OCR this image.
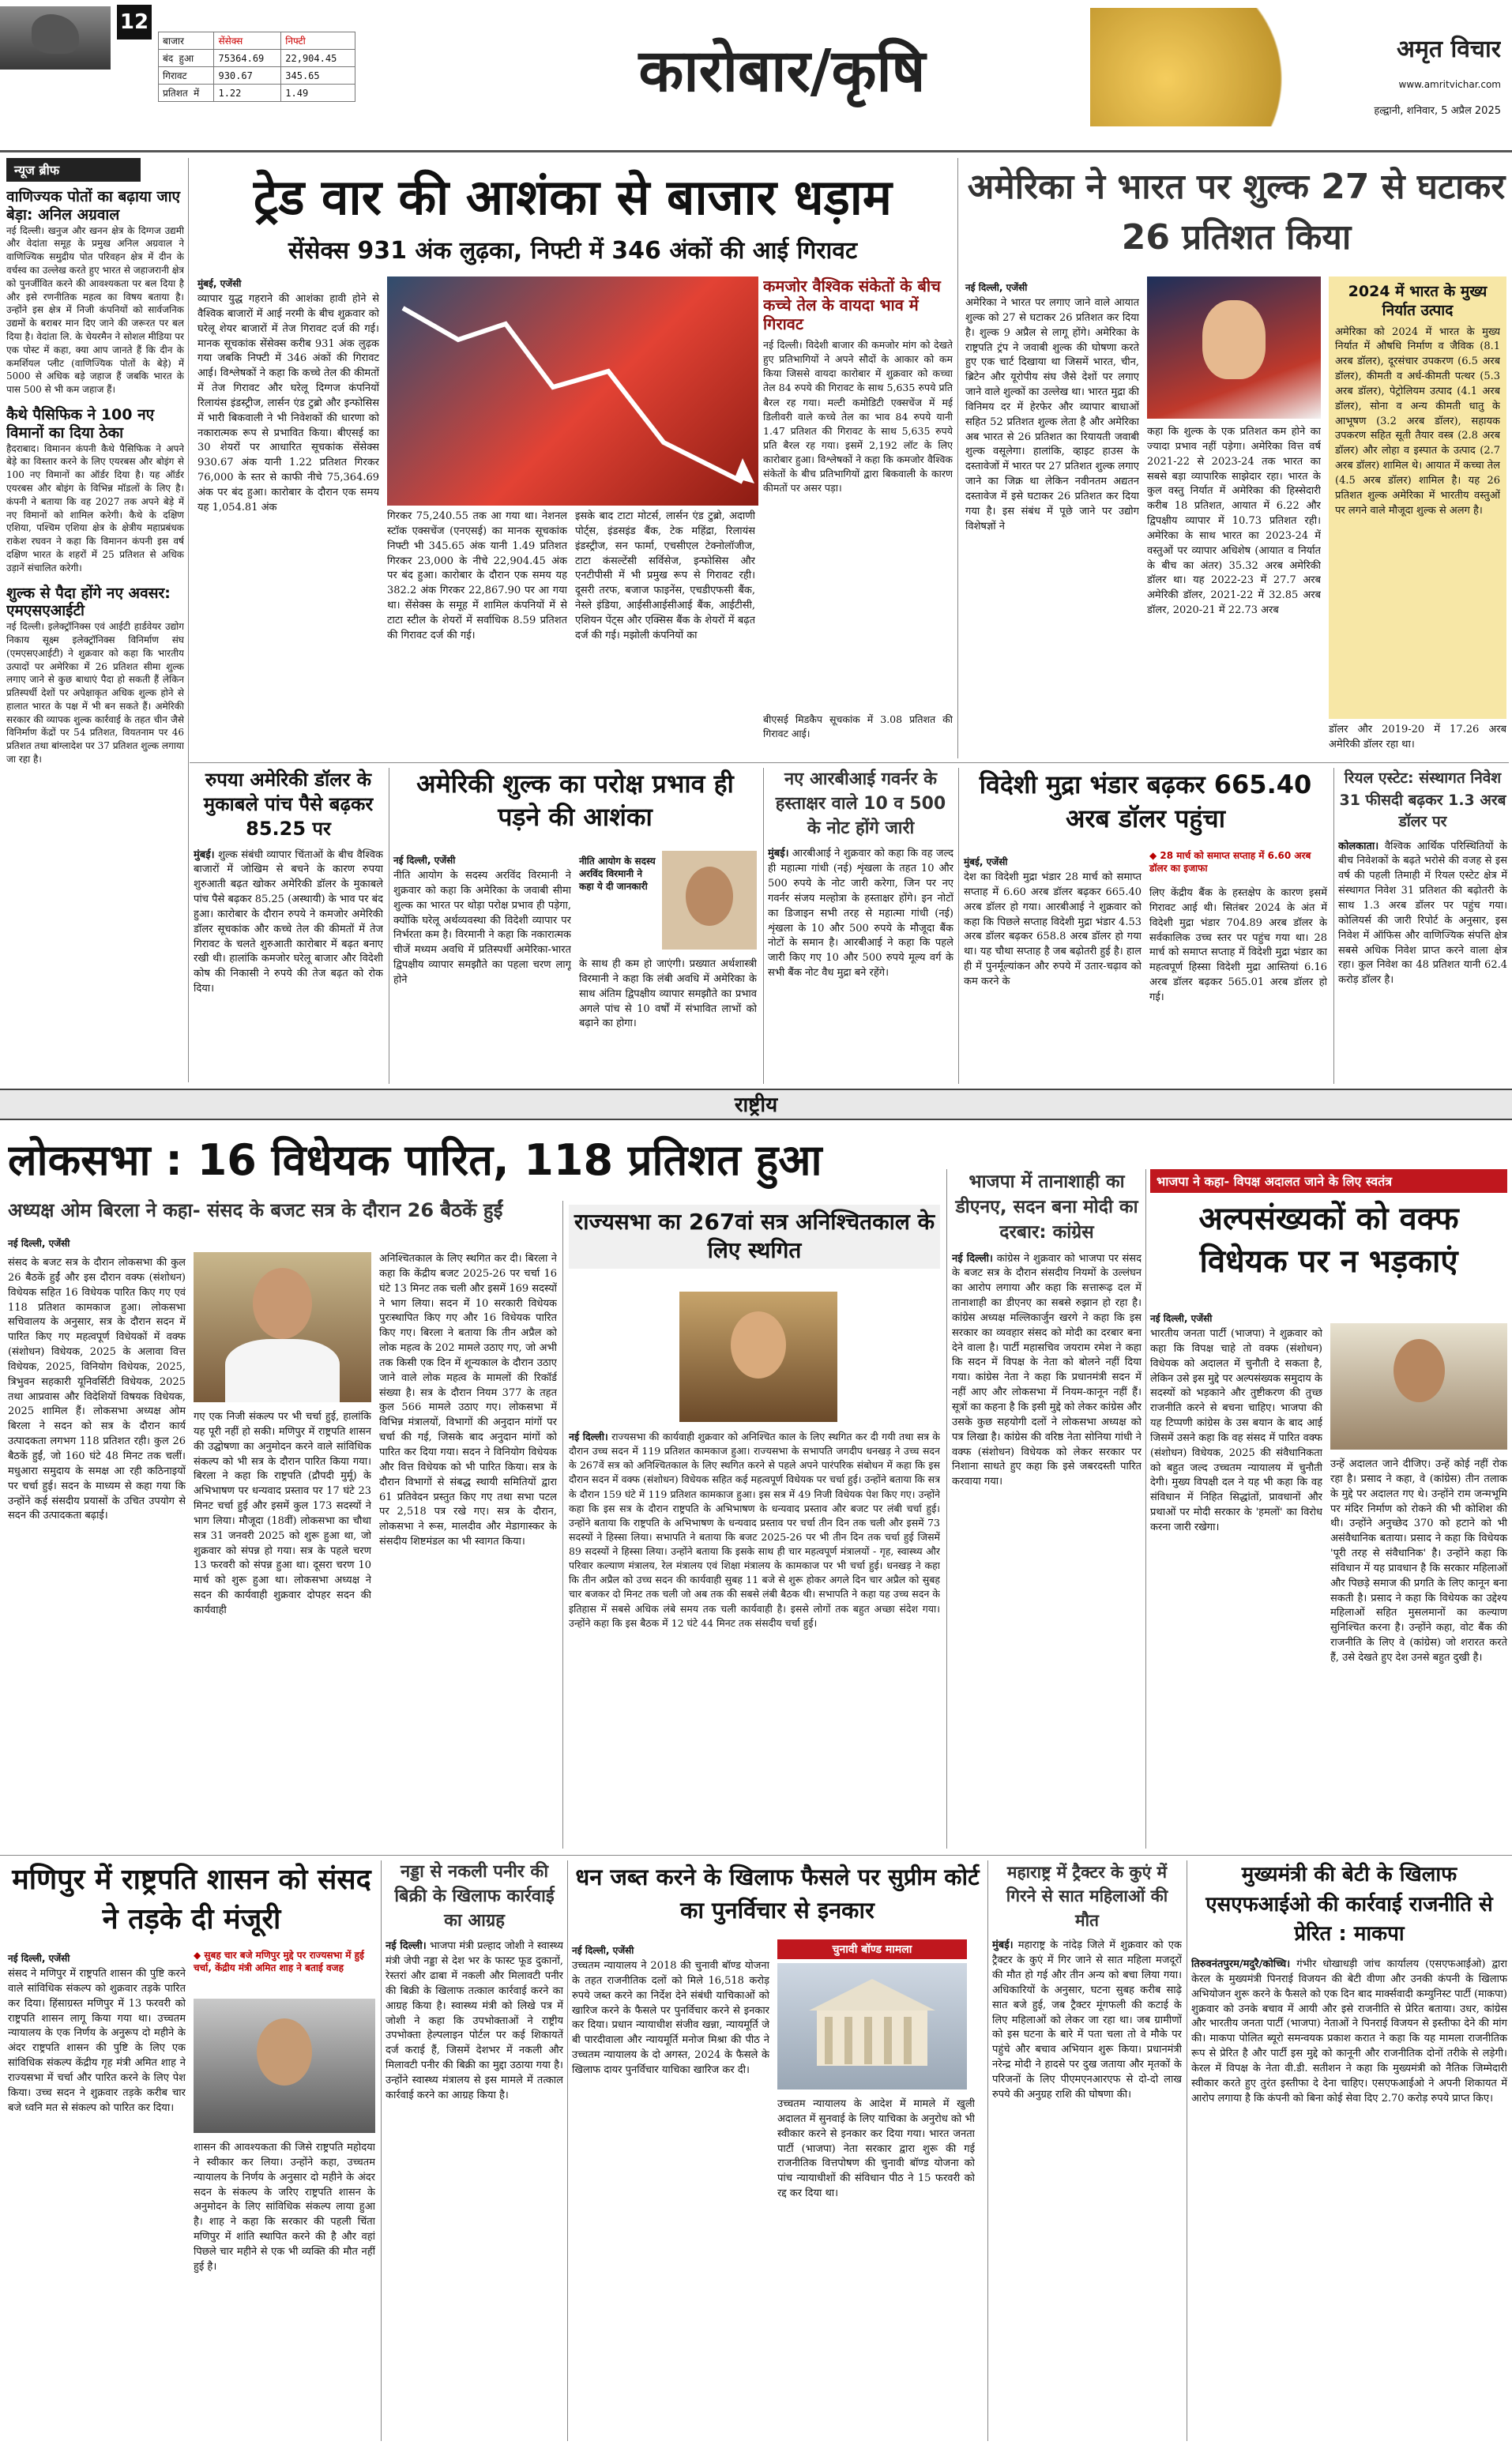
12
बाजार	सेंसेक्स	निफ्टी
बंद हुआ	75364.69	22,904.45
गिरावट	930.67	345.65
प्रतिशत में	1.22	1.49	कारोबार/कृषि	अमृत विचार
www.amritvichar.com
हल्द्वानी, शनिवार, 5 अप्रैल 2025
न्यूज ब्रीफ
वाणिज्यक पोतों का बढ़ाया जाए बेड़ा: अनिल अग्रवाल
नई दिल्ली। खनुज और खनन क्षेत्र के दिग्गज उद्यमी और वेदांता समूह के प्रमुख अनिल अग्रवाल ने वाणिज्यिक समुद्रीय पोत परिवहन क्षेत्र में दीन के वर्चस्व का उल्लेख करते हुए भारत से जहाजरानी क्षेत्र को पुनर्जीवित करने की आवश्यकता पर बल दिया है और इसे रणनीतिक महत्व का विषय बताया है। उन्होंने इस क्षेत्र में निजी कंपनियों को सार्वजनिक उद्यमों के बराबर मान दिए जाने की जरूरत पर बल दिया है। वेदांता लि. के चेयरमैन ने सोशल मीडिया पर एक पोस्ट में कहा, क्या आप जानते हैं कि दीन के कमर्शियल प्लीट (वाणिज्यिक पोतों के बेड़े) में 5000 से अधिक बड़े जहाज हैं जबकि भारत के पास 500 से भी कम जहाज हैं।
कैथे पैसिफिक ने 100 नए विमानों का दिया ठेका
हैदराबाद। विमानन कंपनी कैथे पैसिफिक ने अपने बेड़े का विस्तार करने के लिए एयरबस और बोइंग से 100 नए विमानों का ऑर्डर दिया है। यह ऑर्डर एयरबस और बोइंग के विभिन्न मॉडलों के लिए है। कंपनी ने बताया कि वह 2027 तक अपने बेड़े में नए विमानों को शामिल करेगी। कैथे के दक्षिण एशिया, पश्चिम एशिया क्षेत्र के क्षेत्रीय महाप्रबंधक राकेश रघवन ने कहा कि विमानन कंपनी इस वर्ष दक्षिण भारत के शहरों में 25 प्रतिशत से अधिक उड़ानें संचालित करेगी।
शुल्क से पैदा होंगे नए अवसर: एमएसएआईटी
नई दिल्ली। इलेक्ट्रॉनिक्स एवं आईटी हार्डवेयर उद्योग निकाय सूक्ष्म इलेक्ट्रॉनिक्स विनिर्माण संघ (एमएसएआईटी) ने शुक्रवार को कहा कि भारतीय उत्पादों पर अमेरिका में 26 प्रतिशत सीमा शुल्क लगाए जाने से कुछ बाधाएं पैदा हो सकती हैं लेकिन प्रतिस्पर्धी देशों पर अपेक्षाकृत अधिक शुल्क होने से हालात भारत के पक्ष में भी बन सकते हैं। अमेरिकी सरकार की व्यापक शुल्क कार्रवाई के तहत चीन जैसे विनिर्माण केंद्रों पर 54 प्रतिशत, वियतनाम पर 46 प्रतिशत तथा बांग्लादेश पर 37 प्रतिशत शुल्क लगाया जा रहा है।
ट्रेड वार की आशंका से बाजार धड़ाम
सेंसेक्स 931 अंक लुढ़का, निफ्टी में 346 अंकों की आई गिरावट
मुंबई, एजेंसी
व्यापार युद्ध गहराने की आशंका हावी होने से वैश्विक बाजारों में आई नरमी के बीच शुक्रवार को घरेलू शेयर बाजारों में तेज गिरावट दर्ज की गई। मानक सूचकांक सेंसेक्स करीब 931 अंक लुढ़क गया जबकि निफ्टी में 346 अंकों की गिरावट आई। विश्लेषकों ने कहा कि कच्चे तेल की कीमतों में तेज गिरावट और घरेलू दिग्गज कंपनियों रिलायंस इंडस्ट्रीज, लार्सन एंड टुब्रो और इन्फोसिस में भारी बिकवाली ने भी निवेशकों की धारणा को नकारात्मक रूप से प्रभावित किया। बीएसई का 30 शेयरों पर आधारित सूचकांक सेंसेक्स 930.67 अंक यानी 1.22 प्रतिशत गिरकर 76,000 के स्तर से काफी नीचे 75,364.69 अंक पर बंद हुआ। कारोबार के दौरान एक समय यह 1,054.81 अंक
गिरकर 75,240.55 तक आ गया था। नेशनल स्टॉक एक्सचेंज (एनएसई) का मानक सूचकांक निफ्टी भी 345.65 अंक यानी 1.49 प्रतिशत गिरकर 23,000 के नीचे 22,904.45 अंक पर बंद हुआ। कारोबार के दौरान एक समय यह 382.2 अंक गिरकर 22,867.90 पर आ गया था। सेंसेक्स के समूह में शामिल कंपनियों में से टाटा स्टील के शेयरों में सर्वाधिक 8.59 प्रतिशत की गिरावट दर्ज की गई।
इसके बाद टाटा मोटर्स, लार्सन एंड टुब्रो, अदाणी पोर्ट्स, इंडसइंड बैंक, टेक महिंद्रा, रिलायंस इंडस्ट्रीज, सन फार्मा, एचसीएल टेक्नोलॉजीज, टाटा कंसल्टेंसी सर्विसेज, इन्फोसिस और एनटीपीसी में भी प्रमुख रूप से गिरावट रही। दूसरी तरफ, बजाज फाइनेंस, एचडीएफसी बैंक, नेस्ले इंडिया, आईसीआईसीआई बैंक, आईटीसी, एशियन पेंट्स और एक्सिस बैंक के शेयरों में बढ़त दर्ज की गई। मझोली कंपनियों का
कमजोर वैश्विक संकेतों के बीच कच्चे तेल के वायदा भाव में गिरावट
नई दिल्ली। विदेशी बाजार की कमजोर मांग को देखते हुए प्रतिभागियों ने अपने सौदों के आकार को कम किया जिससे वायदा कारोबार में शुक्रवार को कच्चा तेल 84 रुपये की गिरावट के साथ 5,635 रुपये प्रति बैरल रह गया। मल्टी कमोडिटी एक्सचेंज में मई डिलीवरी वाले कच्चे तेल का भाव 84 रुपये यानी 1.47 प्रतिशत की गिरावट के साथ 5,635 रुपये प्रति बैरल रह गया। इसमें 2,192 लॉट के लिए कारोबार हुआ। विश्लेषकों ने कहा कि कमजोर वैश्विक संकेतों के बीच प्रतिभागियों द्वारा बिकवाली के कारण कीमतों पर असर पड़ा।
बीएसई मिडकैप सूचकांक में 3.08 प्रतिशत की गिरावट आई।
अमेरिका ने भारत पर शुल्क 27 से घटाकर 26 प्रतिशत किया
नई दिल्ली, एजेंसी
अमेरिका ने भारत पर लगाए जाने वाले आयात शुल्क को 27 से घटाकर 26 प्रतिशत कर दिया है। शुल्क 9 अप्रैल से लागू होंगे। अमेरिका के राष्ट्रपति ट्रंप ने जवाबी शुल्क की घोषणा करते हुए एक चार्ट दिखाया था जिसमें भारत, चीन, ब्रिटेन और यूरोपीय संघ जैसे देशों पर लगाए जाने वाले शुल्कों का उल्लेख था। भारत मुद्रा की विनिमय दर में हेरफेर और व्यापार बाधाओं सहित 52 प्रतिशत शुल्क लेता है और अमेरिका अब भारत से 26 प्रतिशत का रियायती जवाबी शुल्क वसूलेगा। हालांकि, व्हाइट हाउस के दस्तावेजों में भारत पर 27 प्रतिशत शुल्क लगाए जाने का जिक्र था लेकिन नवीनतम अद्यतन दस्तावेज में इसे घटाकर 26 प्रतिशत कर दिया गया है। इस संबंध में पूछे जाने पर उद्योग विशेषज्ञों ने
कहा कि शुल्क के एक प्रतिशत कम होने का ज्यादा प्रभाव नहीं पड़ेगा। अमेरिका वित्त वर्ष 2021-22 से 2023-24 तक भारत का सबसे बड़ा व्यापारिक साझेदार रहा। भारत के कुल वस्तु निर्यात में अमेरिका की हिस्सेदारी करीब 18 प्रतिशत, आयात में 6.22 और द्विपक्षीय व्यापार में 10.73 प्रतिशत रही। अमेरिका के साथ भारत का 2023-24 में वस्तुओं पर व्यापार अधिशेष (आयात व निर्यात के बीच का अंतर) 35.32 अरब अमेरिकी डॉलर था। यह 2022-23 में 27.7 अरब अमेरिकी डॉलर, 2021-22 में 32.85 अरब डॉलर, 2020-21 में 22.73 अरब
2024 में भारत के मुख्य निर्यात उत्पाद
अमेरिका को 2024 में भारत के मुख्य निर्यात में औषधि निर्माण व जैविक (8.1 अरब डॉलर), दूरसंचार उपकरण (6.5 अरब डॉलर), कीमती व अर्ध-कीमती पत्थर (5.3 अरब डॉलर), पेट्रोलियम उत्पाद (4.1 अरब डॉलर), सोना व अन्य कीमती धातु के आभूषण (3.2 अरब डॉलर), सहायक उपकरण सहित सूती तैयार वस्त्र (2.8 अरब डॉलर) और लोहा व इस्पात के उत्पाद (2.7 अरब डॉलर) शामिल थे। आयात में कच्चा तेल (4.5 अरब डॉलर) शामिल है। यह 26 प्रतिशत शुल्क अमेरिका में भारतीय वस्तुओं पर लगने वाले मौजूदा शुल्क से अलग है।
डॉलर और 2019-20 में 17.26 अरब अमेरिकी डॉलर रहा था।
रुपया अमेरिकी डॉलर के मुकाबले पांच पैसे बढ़कर 85.25 पर
मुंबई। शुल्क संबंधी व्यापार चिंताओं के बीच वैश्विक बाजारों में जोखिम से बचने के कारण रुपया शुरुआती बढ़त खोकर अमेरिकी डॉलर के मुकाबले पांच पैसे बढ़कर 85.25 (अस्थायी) के भाव पर बंद हुआ। कारोबार के दौरान रुपये ने कमजोर अमेरिकी डॉलर सूचकांक और कच्चे तेल की कीमतों में तेज गिरावट के चलते शुरुआती कारोबार में बढ़त बनाए रखी थी। हालांकि कमजोर घरेलू बाजार और विदेशी कोष की निकासी ने रुपये की तेज बढ़त को रोक दिया।
अमेरिकी शुल्क का परोक्ष प्रभाव ही पड़ने की आशंका
नई दिल्ली, एजेंसी
नीति आयोग के सदस्य अरविंद विरमानी ने शुक्रवार को कहा कि अमेरिका के जवाबी सीमा शुल्क का भारत पर थोड़ा परोक्ष प्रभाव ही पड़ेगा, क्योंकि घरेलू अर्थव्यवस्था की विदेशी व्यापार पर निर्भरता कम है। विरमानी ने कहा कि नकारात्मक चीजें मध्यम अवधि में प्रतिस्पर्धी अमेरिका-भारत द्विपक्षीय व्यापार समझौते का पहला चरण लागू होने
नीति आयोग के सदस्य अरविंद विरमानी ने कहा ये दी जानकारी
के साथ ही कम हो जाएंगी। प्रख्यात अर्थशास्त्री विरमानी ने कहा कि लंबी अवधि में अमेरिका के साथ अंतिम द्विपक्षीय व्यापार समझौते का प्रभाव अगले पांच से 10 वर्षों में संभावित लाभों को बढ़ाने का होगा।
नए आरबीआई गवर्नर के हस्ताक्षर वाले 10 व 500 के नोट होंगे जारी
मुंबई। आरबीआई ने शुक्रवार को कहा कि वह जल्द ही महात्मा गांधी (नई) शृंखला के तहत 10 और 500 रुपये के नोट जारी करेगा, जिन पर नए गवर्नर संजय मल्होत्रा के हस्ताक्षर होंगे। इन नोटों का डिजाइन सभी तरह से महात्मा गांधी (नई) शृंखला के 10 और 500 रुपये के मौजूदा बैंक नोटों के समान है। आरबीआई ने कहा कि पहले जारी किए गए 10 और 500 रुपये मूल्य वर्ग के सभी बैंक नोट वैध मुद्रा बने रहेंगे।
विदेशी मुद्रा भंडार बढ़कर 665.40 अरब डॉलर पहुंचा
मुंबई, एजेंसी
◆ 28 मार्च को समाप्त सप्ताह में 6.60 अरब डॉलर का इजाफा
देश का विदेशी मुद्रा भंडार 28 मार्च को समाप्त सप्ताह में 6.60 अरब डॉलर बढ़कर 665.40 अरब डॉलर हो गया। आरबीआई ने शुक्रवार को कहा कि पिछले सप्ताह विदेशी मुद्रा भंडार 4.53 अरब डॉलर बढ़कर 658.8 अरब डॉलर हो गया था। यह चौथा सप्ताह है जब बढ़ोतरी हुई है। हाल ही में पुनर्मूल्यांकन और रुपये में उतार-चढ़ाव को कम करने के
लिए केंद्रीय बैंक के हस्तक्षेप के कारण इसमें गिरावट आई थी। सितंबर 2024 के अंत में विदेशी मुद्रा भंडार 704.89 अरब डॉलर के सर्वकालिक उच्च स्तर पर पहुंच गया था। 28 मार्च को समाप्त सप्ताह में विदेशी मुद्रा भंडार का महत्वपूर्ण हिस्सा विदेशी मुद्रा आस्तियां 6.16 अरब डॉलर बढ़कर 565.01 अरब डॉलर हो गई।
रियल एस्टेट: संस्थागत निवेश 31 फीसदी बढ़कर 1.3 अरब डॉलर पर
कोलकाता। वैश्विक आर्थिक परिस्थितियों के बीच निवेशकों के बढ़ते भरोसे की वजह से इस वर्ष की पहली तिमाही में रियल एस्टेट क्षेत्र में संस्थागत निवेश 31 प्रतिशत की बढ़ोतरी के साथ 1.3 अरब डॉलर पर पहुंच गया। कोलियर्स की जारी रिपोर्ट के अनुसार, इस निवेश में ऑफिस और वाणिज्यिक संपत्ति क्षेत्र सबसे अधिक निवेश प्राप्त करने वाला क्षेत्र रहा। कुल निवेश का 48 प्रतिशत यानी 62.4 करोड़ डॉलर है।
राष्ट्रीय
लोकसभा : 16 विधेयक पारित, 118 प्रतिशत हुआ
अध्यक्ष ओम बिरला ने कहा- संसद के बजट सत्र के दौरान 26 बैठकें हुईं
नई दिल्ली, एजेंसी
संसद के बजट सत्र के दौरान लोकसभा की कुल 26 बैठकें हुईं और इस दौरान वक्फ (संशोधन) विधेयक सहित 16 विधेयक पारित किए गए एवं 118 प्रतिशत कामकाज हुआ। लोकसभा सचिवालय के अनुसार, सत्र के दौरान सदन में पारित किए गए महत्वपूर्ण विधेयकों में वक्फ (संशोधन) विधेयक, 2025 के अलावा वित्त विधेयक, 2025, विनियोग विधेयक, 2025, त्रिभुवन सहकारी यूनिवर्सिटी विधेयक, 2025 तथा आप्रवास और विदेशियों विषयक विधेयक, 2025 शामिल हैं। लोकसभा अध्यक्ष ओम बिरला ने सदन को सत्र के दौरान कार्य उत्पादकता लगभग 118 प्रतिशत रही। कुल 26 बैठकें हुईं, जो 160 घंटे 48 मिनट तक चलीं। मधुआरा समुदाय के समक्ष आ रही कठिनाइयों पर चर्चा हुई। सदन के माध्यम से कहा गया कि उन्होंने कई संसदीय प्रयासों के उचित उपयोग से सदन की उत्पादकता बढ़ाई।
गए एक निजी संकल्प पर भी चर्चा हुई, हालांकि यह पूरी नहीं हो सकी। मणिपुर में राष्ट्रपति शासन की उद्घोषणा का अनुमोदन करने वाले सांविधिक संकल्प को भी सत्र के दौरान पारित किया गया। बिरला ने कहा कि राष्ट्रपति (द्रौपदी मुर्मू) के अभिभाषण पर धन्यवाद प्रस्ताव पर 17 घंटे 23 मिनट चर्चा हुई और इसमें कुल 173 सदस्यों ने भाग लिया। मौजूदा (18वीं) लोकसभा का चौथा सत्र 31 जनवरी 2025 को शुरू हुआ था, जो शुक्रवार को संपन्न हो गया। सत्र के पहले चरण 13 फरवरी को संपन्न हुआ था। दूसरा चरण 10 मार्च को शुरू हुआ था। लोकसभा अध्यक्ष ने सदन की कार्यवाही शुक्रवार दोपहर सदन की कार्यवाही
अनिश्चितकाल के लिए स्थगित कर दी। बिरला ने कहा कि केंद्रीय बजट 2025-26 पर चर्चा 16 घंटे 13 मिनट तक चली और इसमें 169 सदस्यों ने भाग लिया। सदन में 10 सरकारी विधेयक पुरःस्थापित किए गए और 16 विधेयक पारित किए गए। बिरला ने बताया कि तीन अप्रैल को लोक महत्व के 202 मामले उठाए गए, जो अभी तक किसी एक दिन में शून्यकाल के दौरान उठाए जाने वाले लोक महत्व के मामलों की रिकॉर्ड संख्या है। सत्र के दौरान नियम 377 के तहत कुल 566 मामले उठाए गए। लोकसभा में विभिन्न मंत्रालयों, विभागों की अनुदान मांगों पर चर्चा की गई, जिसके बाद अनुदान मांगों को पारित कर दिया गया। सदन ने विनियोग विधेयक और वित्त विधेयक को भी पारित किया। सत्र के दौरान विभागों से संबद्ध स्थायी समितियों द्वारा 61 प्रतिवेदन प्रस्तुत किए गए तथा सभा पटल पर 2,518 पत्र रखे गए। सत्र के दौरान, लोकसभा ने रूस, मालदीव और मेडागास्कर के संसदीय शिष्टमंडल का भी स्वागत किया।
राज्यसभा का 267वां सत्र अनिश्चितकाल के लिए स्थगित
नई दिल्ली। राज्यसभा की कार्यवाही शुक्रवार को अनिश्चित काल के लिए स्थगित कर दी गयी तथा सत्र के दौरान उच्च सदन में 119 प्रतिशत कामकाज हुआ। राज्यसभा के सभापति जगदीप धनखड़ ने उच्च सदन के 267वें सत्र को अनिश्चितकाल के लिए स्थगित करने से पहले अपने पारंपरिक संबोधन में कहा कि इस दौरान सदन में वक्फ (संशोधन) विधेयक सहित कई महत्वपूर्ण विधेयक पर चर्चा हुई। उन्होंने बताया कि सत्र के दौरान 159 घंटे में 119 प्रतिशत कामकाज हुआ। इस सत्र में 49 निजी विधेयक पेश किए गए। उन्होंने कहा कि इस सत्र के दौरान राष्ट्रपति के अभिभाषण के धन्यवाद प्रस्ताव और बजट पर लंबी चर्चा हुई। उन्होंने बताया कि राष्ट्रपति के अभिभाषण के धन्यवाद प्रस्ताव पर चर्चा तीन दिन तक चली और इसमें 73 सदस्यों ने हिस्सा लिया। सभापति ने बताया कि बजट 2025-26 पर भी तीन दिन तक चर्चा हुई जिसमें 89 सदस्यों ने हिस्सा लिया। उन्होंने बताया कि इसके साथ ही चार महत्वपूर्ण मंत्रालयों - गृह, स्वास्थ्य और परिवार कल्याण मंत्रालय, रेल मंत्रालय एवं शिक्षा मंत्रालय के कामकाज पर भी चर्चा हुई। धनखड़ ने कहा कि तीन अप्रैल को उच्च सदन की कार्यवाही सुबह 11 बजे से शुरू होकर अगले दिन चार अप्रैल को सुबह चार बजकर दो मिनट तक चली जो अब तक की सबसे लंबी बैठक थी। सभापति ने कहा यह उच्च सदन के इतिहास में सबसे अधिक लंबे समय तक चली कार्यवाही है। इससे लोगों तक बहुत अच्छा संदेश गया। उन्होंने कहा कि इस बैठक में 12 घंटे 44 मिनट तक संसदीय चर्चा हुई।
भाजपा में तानाशाही का डीएनए, सदन बना मोदी का दरबार: कांग्रेस
नई दिल्ली। कांग्रेस ने शुक्रवार को भाजपा पर संसद के बजट सत्र के दौरान संसदीय नियमों के उल्लंघन का आरोप लगाया और कहा कि सत्तारूढ़ दल में तानाशाही का डीएनए का सबसे रुझान हो रहा है। कांग्रेस अध्यक्ष मल्लिकार्जुन खरगे ने कहा कि इस सरकार का व्यवहार संसद को मोदी का दरबार बना देने वाला है। पार्टी महासचिव जयराम रमेश ने कहा कि सदन में विपक्ष के नेता को बोलने नहीं दिया गया। कांग्रेस नेता ने कहा कि प्रधानमंत्री सदन में नहीं आए और लोकसभा में नियम-कानून नहीं हैं। सूत्रों का कहना है कि इसी मुद्दे को लेकर कांग्रेस और उसके कुछ सहयोगी दलों ने लोकसभा अध्यक्ष को पत्र लिखा है। कांग्रेस की वरिष्ठ नेता सोनिया गांधी ने वक्फ (संशोधन) विधेयक को लेकर सरकार पर निशाना साधते हुए कहा कि इसे जबरदस्ती पारित करवाया गया।
भाजपा ने कहा- विपक्ष अदालत जाने के लिए स्वतंत्र
अल्पसंख्यकों को वक्फ विधेयक पर न भड़काएं
नई दिल्ली, एजेंसी
भारतीय जनता पार्टी (भाजपा) ने शुक्रवार को कहा कि विपक्ष चाहे तो वक्फ (संशोधन) विधेयक को अदालत में चुनौती दे सकता है, लेकिन उसे इस मुद्दे पर अल्पसंख्यक समुदाय के सदस्यों को भड़काने और तुष्टीकरण की तुच्छ राजनीति करने से बचना चाहिए। भाजपा की यह टिप्पणी कांग्रेस के उस बयान के बाद आई जिसमें उसने कहा कि वह संसद में पारित वक्फ (संशोधन) विधेयक, 2025 की संवैधानिकता को बहुत जल्द उच्चतम न्यायालय में चुनौती देगी। मुख्य विपक्षी दल ने यह भी कहा कि वह संविधान में निहित सिद्धांतों, प्रावधानों और प्रथाओं पर मोदी सरकार के 'हमलों' का विरोध करना जारी रखेगा।
उन्हें अदालत जाने दीजिए। उन्हें कोई नहीं रोक रहा है। प्रसाद ने कहा, वे (कांग्रेस) तीन तलाक के मुद्दे पर अदालत गए थे। उन्होंने राम जन्मभूमि पर मंदिर निर्माण को रोकने की भी कोशिश की थी। उन्होंने अनुच्छेद 370 को हटाने को भी असंवैधानिक बताया। प्रसाद ने कहा कि विधेयक 'पूरी तरह से संवैधानिक' है। उन्होंने कहा कि संविधान में यह प्रावधान है कि सरकार महिलाओं और पिछड़े समाज की प्रगति के लिए कानून बना सकती है। प्रसाद ने कहा कि विधेयक का उद्देश्य महिलाओं सहित मुसलमानों का कल्याण सुनिश्चित करना है। उन्होंने कहा, वोट बैंक की राजनीति के लिए वे (कांग्रेस) जो शरारत करते हैं, उसे देखते हुए देश उनसे बहुत दुखी है।
मणिपुर में राष्ट्रपति शासन को संसद ने तड़के दी मंजूरी
नई दिल्ली, एजेंसी
संसद ने मणिपुर में राष्ट्रपति शासन की पुष्टि करने वाले सांविधिक संकल्प को शुक्रवार तड़के पारित कर दिया। हिंसाग्रस्त मणिपुर में 13 फरवरी को राष्ट्रपति शासन लागू किया गया था। उच्चतम न्यायालय के एक निर्णय के अनुरूप दो महीने के अंदर राष्ट्रपति शासन की पुष्टि के लिए एक सांविधिक संकल्प केंद्रीय गृह मंत्री अमित शाह ने राज्यसभा में चर्चा और पारित करने के लिए पेश किया। उच्च सदन ने शुक्रवार तड़के करीब चार बजे ध्वनि मत से संकल्प को पारित कर दिया।
◆ सुबह चार बजे मणिपुर मुद्दे पर राज्यसभा में हुई चर्चा, केंद्रीय मंत्री अमित शाह ने बताई वजह
शासन की आवश्यकता की जिसे राष्ट्रपति महोदया ने स्वीकार कर लिया। उन्होंने कहा, उच्चतम न्यायालय के निर्णय के अनुसार दो महीने के अंदर सदन के संकल्प के जरिए राष्ट्रपति शासन के अनुमोदन के लिए सांविधिक संकल्प लाया हुआ है। शाह ने कहा कि सरकार की पहली चिंता मणिपुर में शांति स्थापित करने की है और वहां पिछले चार महीने से एक भी व्यक्ति की मौत नहीं हुई है।
नड्डा से नकली पनीर की बिक्री के खिलाफ कार्रवाई का आग्रह
नई दिल्ली। भाजपा मंत्री प्रल्हाद जोशी ने स्वास्थ्य मंत्री जेपी नड्डा से देश भर के फास्ट फूड दुकानों, रेस्तरां और ढाबा में नकली और मिलावटी पनीर की बिक्री के खिलाफ तत्काल कार्रवाई करने का आग्रह किया है। स्वास्थ्य मंत्री को लिखे पत्र में जोशी ने कहा कि उपभोक्ताओं ने राष्ट्रीय उपभोक्ता हेल्पलाइन पोर्टल पर कई शिकायतें दर्ज कराई हैं, जिसमें देशभर में नकली और मिलावटी पनीर की बिक्री का मुद्दा उठाया गया है। उन्होंने स्वास्थ्य मंत्रालय से इस मामले में तत्काल कार्रवाई करने का आग्रह किया है।
धन जब्त करने के खिलाफ फैसले पर सुप्रीम कोर्ट का पुनर्विचार से इनकार
नई दिल्ली, एजेंसी
उच्चतम न्यायालय ने 2018 की चुनावी बॉण्ड योजना के तहत राजनीतिक दलों को मिले 16,518 करोड़ रुपये जब्त करने का निर्देश देने संबंधी याचिकाओं को खारिज करने के फैसले पर पुनर्विचार करने से इनकार कर दिया। प्रधान न्यायाधीश संजीव खन्ना, न्यायमूर्ति जे बी पारदीवाला और न्यायमूर्ति मनोज मिश्रा की पीठ ने उच्चतम न्यायालय के दो अगस्त, 2024 के फैसले के खिलाफ दायर पुनर्विचार याचिका खारिज कर दी।
चुनावी बॉण्ड मामला
उच्चतम न्यायालय के आदेश में मामले में खुली अदालत में सुनवाई के लिए याचिका के अनुरोध को भी स्वीकार करने से इनकार कर दिया गया। भारत जनता पार्टी (भाजपा) नेता सरकार द्वारा शुरू की गई राजनीतिक वित्तपोषण की चुनावी बॉण्ड योजना को पांच न्यायाधीशों की संविधान पीठ ने 15 फरवरी को रद्द कर दिया था।
महाराष्ट्र में ट्रैक्टर के कुएं में गिरने से सात महिलाओं की मौत
मुंबई। महाराष्ट्र के नांदेड़ जिले में शुक्रवार को एक ट्रैक्टर के कुएं में गिर जाने से सात महिला मजदूरों की मौत हो गई और तीन अन्य को बचा लिया गया। अधिकारियों के अनुसार, घटना सुबह करीब साढ़े सात बजे हुई, जब ट्रैक्टर मूंगफली की कटाई के लिए महिलाओं को लेकर जा रहा था। जब ग्रामीणों को इस घटना के बारे में पता चला तो वे मौके पर पहुंचे और बचाव अभियान शुरू किया। प्रधानमंत्री नरेन्द्र मोदी ने हादसे पर दुख जताया और मृतकों के परिजनों के लिए पीएमएनआरएफ से दो-दो लाख रुपये की अनुग्रह राशि की घोषणा की।
मुख्यमंत्री की बेटी के खिलाफ एसएफआईओ की कार्रवाई राजनीति से प्रेरित : माकपा
तिरुवनंतपुरम/मदुरै/कोच्चि। गंभीर धोखाधड़ी जांच कार्यालय (एसएफआईओ) द्वारा केरल के मुख्यमंत्री पिनराई विजयन की बेटी वीणा और उनकी कंपनी के खिलाफ अभियोजन शुरू करने के फैसले को एक दिन बाद मार्क्सवादी कम्युनिस्ट पार्टी (माकपा) शुक्रवार को उनके बचाव में आयी और इसे राजनीति से प्रेरित बताया। उधर, कांग्रेस और भारतीय जनता पार्टी (भाजपा) नेताओं ने पिनराई विजयन से इस्तीफा देने की मांग की। माकपा पोलित ब्यूरो समन्वयक प्रकाश करात ने कहा कि यह मामला राजनीतिक रूप से प्रेरित है और पार्टी इस मुद्दे को कानूनी और राजनीतिक दोनों तरीके से लड़ेगी। केरल में विपक्ष के नेता वी.डी. सतीशन ने कहा कि मुख्यमंत्री को नैतिक जिम्मेदारी स्वीकार करते हुए तुरंत इस्तीफा दे देना चाहिए। एसएफआईओ ने अपनी शिकायत में आरोप लगाया है कि कंपनी को बिना कोई सेवा दिए 2.70 करोड़ रुपये प्राप्त किए।
